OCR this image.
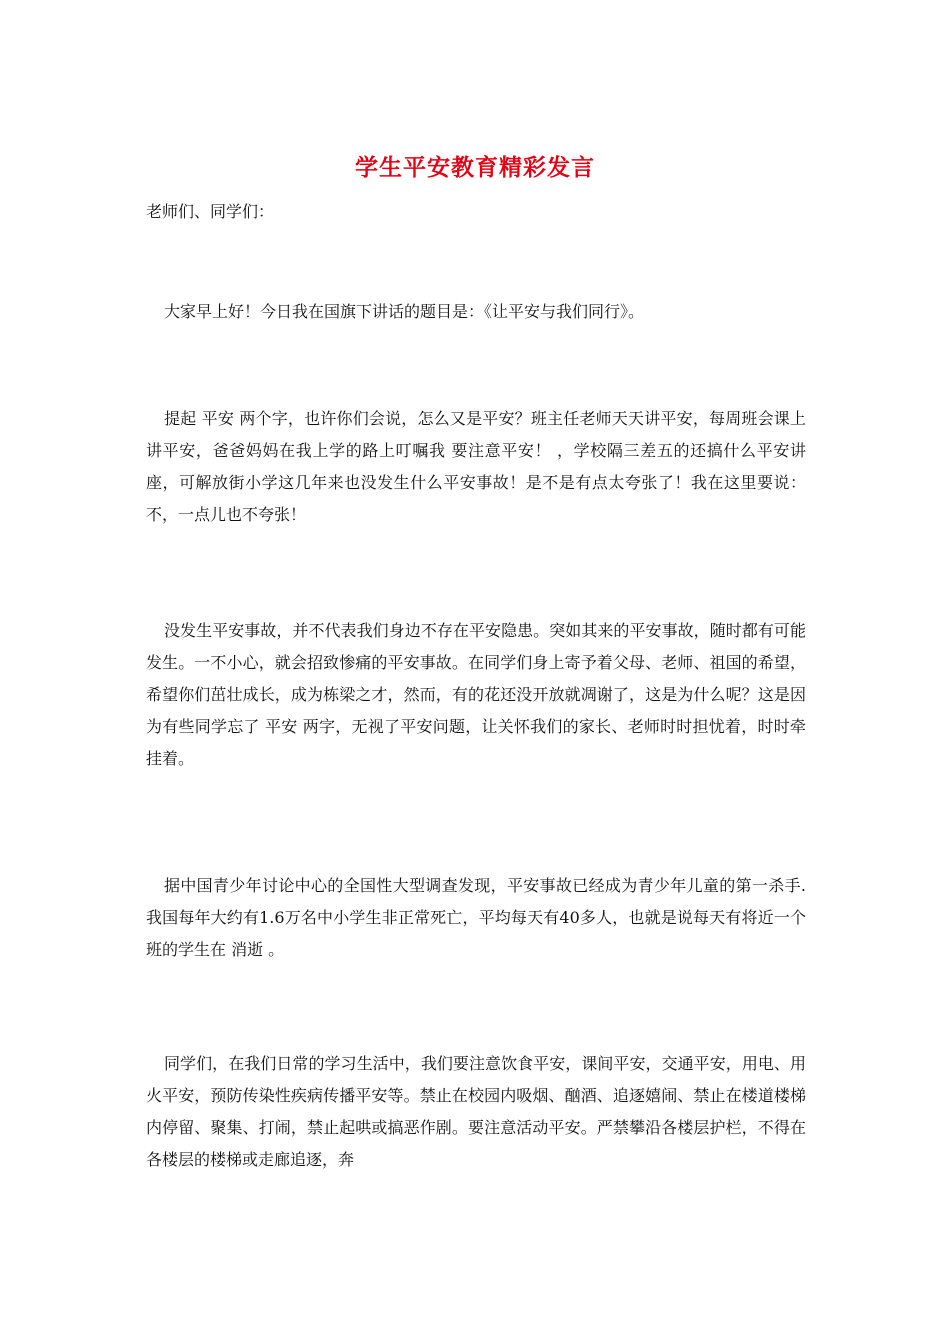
学生平安教育精彩发言
老师们、同学们：
大家早上好！今日我在国旗下讲话的题目是：《让平安与我们同行》。
提起 平安 两个字，也许你们会说，怎么又是平安？班主任老师天天讲平安，每周班会课上讲平安，爸爸妈妈在我上学的路上叮嘱我 要注意平安！ ，学校隔三差五的还搞什么平安讲座，可解放街小学这几年来也没发生什么平安事故！是不是有点太夸张了！我在这里要说： 不，一点儿也不夸张！
没发生平安事故，并不代表我们身边不存在平安隐患。突如其来的平安事故，随时都有可能发生。一不小心，就会招致惨痛的平安事故。在同学们身上寄予着父母、老师、祖国的希望，希望你们茁壮成长，成为栋梁之才，然而，有的花还没开放就凋谢了，这是为什么呢？这是因为有些同学忘了 平安 两字，无视了平安问题，让关怀我们的家长、老师时时担忧着，时时牵挂着。
据中国青少年讨论中心的全国性大型调查发现，平安事故已经成为青少年儿童的第一杀手.我国每年大约有1.6万名中小学生非正常死亡，平均每天有40多人，也就是说每天有将近一个班的学生在 消逝 。
同学们，在我们日常的学习生活中，我们要注意饮食平安，课间平安，交通平安，用电、用火平安，预防传染性疾病传播平安等。禁止在校园内吸烟、酗酒、追逐嬉闹、禁止在楼道楼梯内停留、聚集、打闹，禁止起哄或搞恶作剧。要注意活动平安。严禁攀沿各楼层护栏，不得在各楼层的楼梯或走廊追逐，奔
